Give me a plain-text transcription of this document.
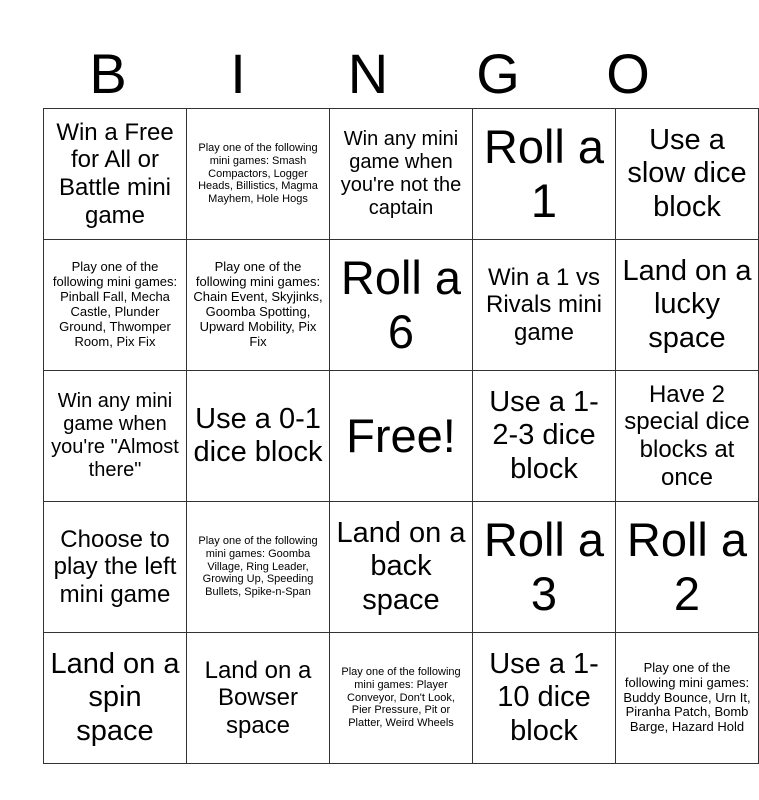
B	I	N	G	O
Win a Free for All or Battle mini game	Play one of the following mini games: Smash Compactors, Logger Heads, Billistics, Magma Mayhem, Hole Hogs	Win any mini game when you're not the captain	Roll a 1	Use a slow dice block
Play one of the following mini games: Pinball Fall, Mecha Castle, Plunder Ground, Thwomper Room, Pix Fix	Play one of the following mini games: Chain Event, Skyjinks, Goomba Spotting, Upward Mobility, Pix Fix	Roll a 6	Win a 1 vs Rivals mini game	Land on a lucky space
Win any mini game when you're "Almost there"	Use a 0-1 dice block	Free!	Use a 1-2-3 dice block	Have 2 special dice blocks at once
Choose to play the left mini game	Play one of the following mini games: Goomba Village, Ring Leader, Growing Up, Speeding Bullets, Spike-n-Span	Land on a back space	Roll a 3	Roll a 2
Land on a spin space	Land on a Bowser space	Play one of the following mini games: Player Conveyor, Don't Look, Pier Pressure, Pit or Platter, Weird Wheels	Use a 1-10 dice block	Play one of the following mini games: Buddy Bounce, Urn It, Piranha Patch, Bomb Barge, Hazard Hold
